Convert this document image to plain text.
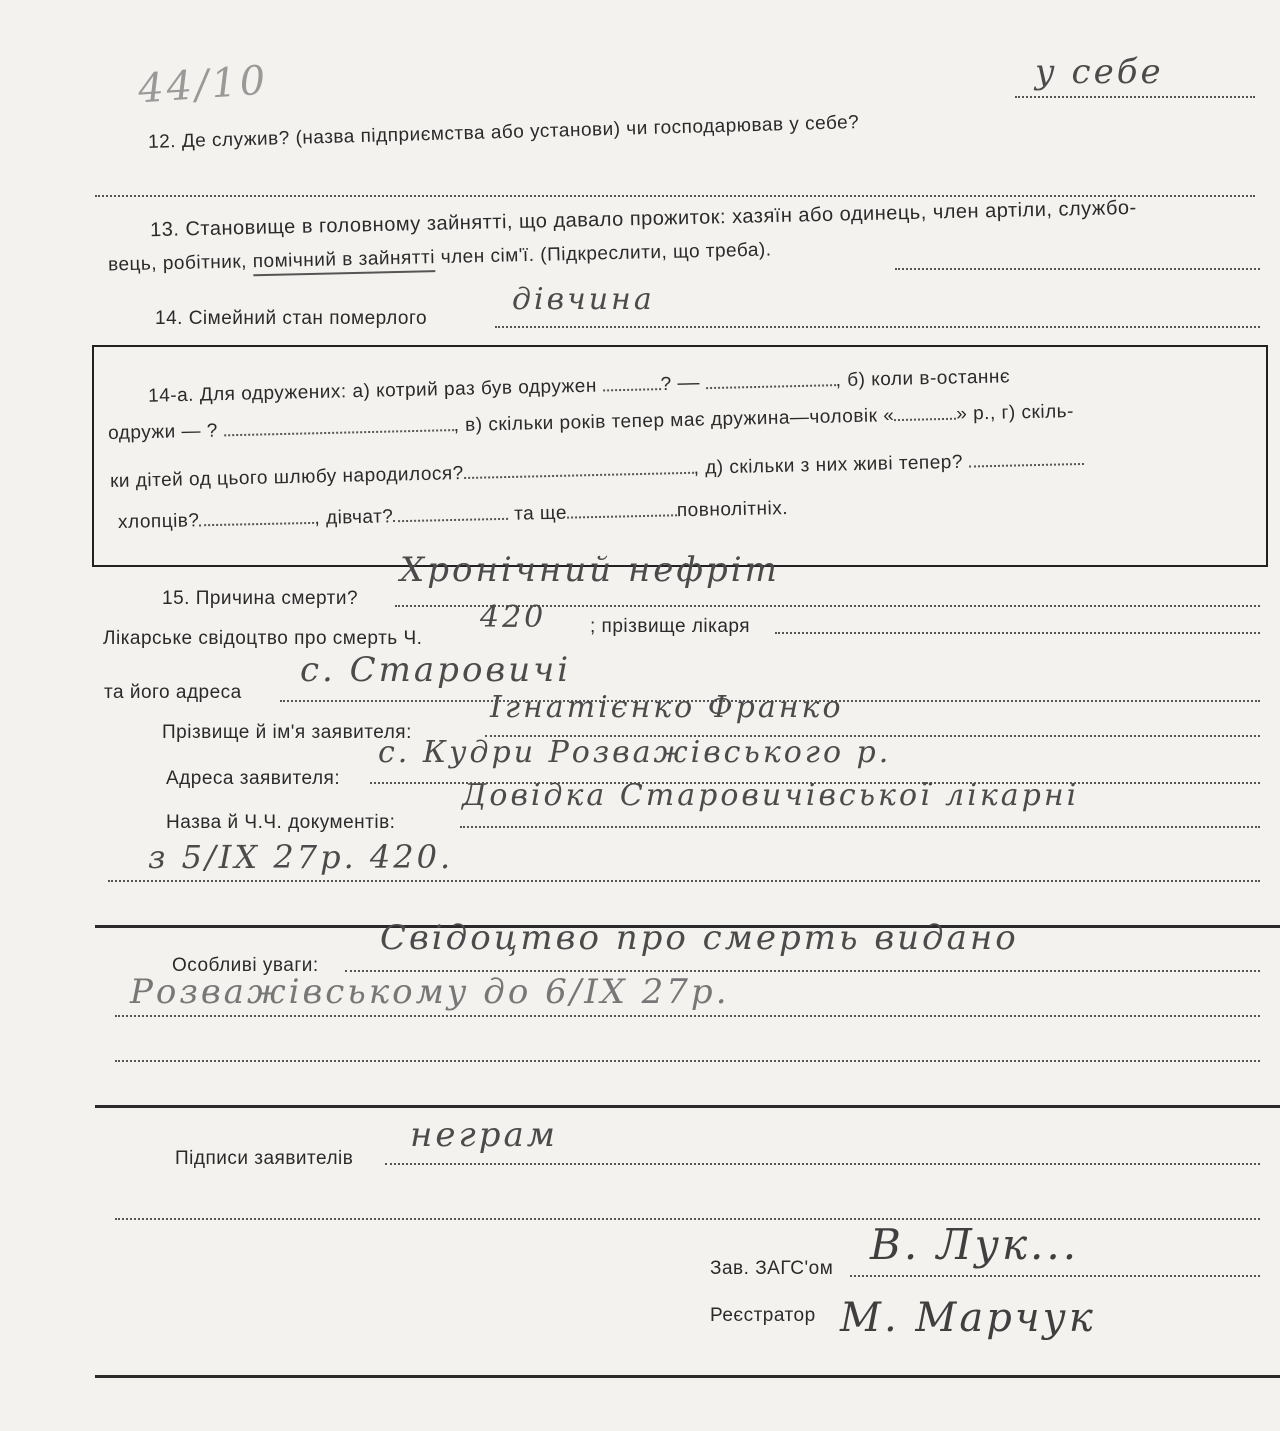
44/10
12. Де служив? (назва підприємства або установи) чи господарював у себе?
у себе
13. Становище в головному зайнятті, що давало прожиток: хазяїн або одинець, член артіли, службо-
вець, робітник, помічний в зайнятті член сім'ї. (Підкреслити, що треба).
14. Сімейний стан померлого
дівчина
14-а. Для одружених: а) котрий раз був одружен	? —	, б) коли в-останнє
одружи — ?	, в) скільки років тепер має дружина—чоловік «	» р., г) скіль-
ки дітей од цього шлюбу народилося?	, д) скільки з них живі тепер?
хлопців?	, дівчат?	та ще	повнолітніх.
15. Причина смерти?
Хронічний нефріт
Лікарське свідоцтво про смерть Ч.
420 ; прізвище лікаря
та його адреса
с. Старовичі
Прізвище й ім'я заявителя:
Ігнатієнко Франко
Адреса заявителя:
с. Кудри Розважівського р.
Назва й Ч.Ч. документів:
Довідка Старовичівської лікарні
з 5/IX 27р. 420.
Особливі уваги:
Свідоцтво про смерть видано
Розважівському до 6/IX 27р.
Підписи заявителів
неграм
Зав. ЗАГС'ом В. Лук...
Реєстратор М. Марчук
